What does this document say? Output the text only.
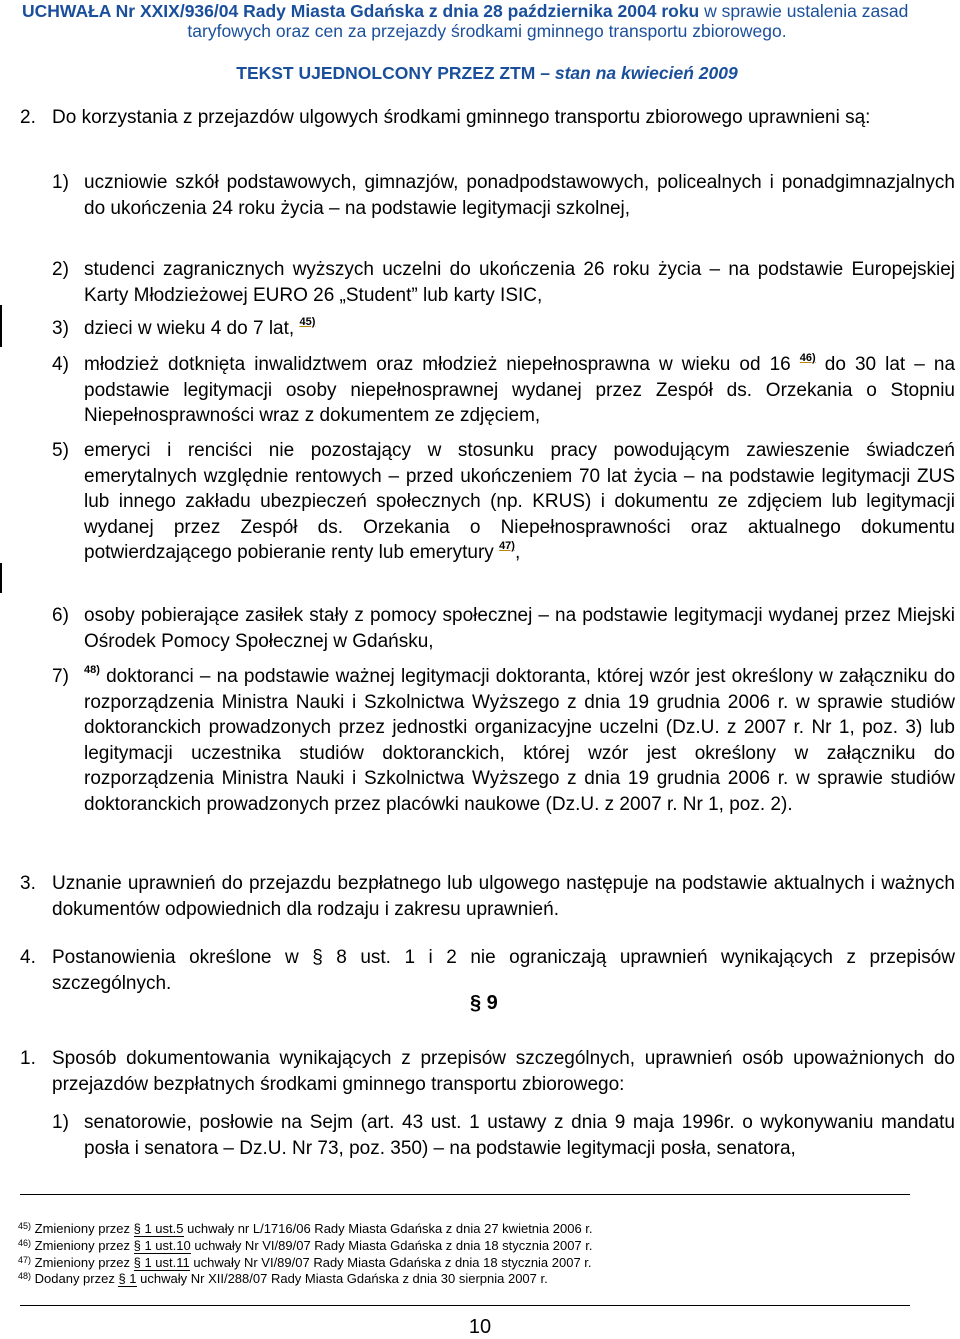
UCHWAŁA Nr XXIX/936/04 Rady Miasta Gdańska z dnia 28 października 2004 roku w sprawie ustalenia zasad
taryfowych oraz cen za przejazdy środkami gminnego transportu zbiorowego.
TEKST UJEDNOLCONY PRZEZ ZTM – stan na kwiecień 2009
2. Do korzystania z przejazdów ulgowych środkami gminnego transportu zbiorowego uprawnieni są:

1) uczniowie szkół podstawowych, gimnazjów, ponadpodstawowych, policealnych i ponadgimnazjalnych do ukończenia 24 roku życia – na podstawie legitymacji szkolnej,

2) studenci zagranicznych wyższych uczelni do ukończenia 26 roku życia – na podstawie Europejskiej Karty Młodzieżowej EURO 26 „Student” lub karty ISIC,

3) dzieci w wieku 4 do 7 lat, $^{45)}$

4) młodzież dotknięta inwalidztwem oraz młodzież niepełnosprawna w wieku od 16 $^{46)}$ do 30 lat – na podstawie legitymacji osoby niepełnosprawnej wydanej przez Zespół ds. Orzekania o Stopniu Niepełnosprawności wraz z dokumentem ze zdjęciem,

5) emeryci i renciści nie pozostający w stosunku pracy powodującym zawieszenie świadczeń emerytalnych względnie rentowych – przed ukończeniem 70 lat życia – na podstawie legitymacji ZUS lub innego zakładu ubezpieczeń społecznych (np. KRUS) i dokumentu ze zdjęciem lub legitymacji wydanej przez Zespół ds. Orzekania o Niepełnosprawności oraz aktualnego dokumentu potwierdzającego pobieranie renty lub emerytury $^{47)}$,

6) osoby pobierające zasiłek stały z pomocy społecznej – na podstawie legitymacji wydanej przez Miejski Ośrodek Pomocy Społecznej w Gdańsku,

7) $^{48)}$ doktoranci – na podstawie ważnej legitymacji doktoranta, której wzór jest określony w załączniku do rozporządzenia Ministra Nauki i Szkolnictwa Wyższego z dnia 19 grudnia 2006 r. w sprawie studiów doktoranckich prowadzonych przez jednostki organizacyjne uczelni (Dz.U. z 2007 r. Nr 1, poz. 3) lub legitymacji uczestnika studiów doktoranckich, której wzór jest określony w załączniku do rozporządzenia Ministra Nauki i Szkolnictwa Wyższego z dnia 19 grudnia 2006 r. w sprawie studiów doktoranckich prowadzonych przez placówki naukowe (Dz.U. z 2007 r. Nr 1, poz. 2).

3. Uznanie uprawnień do przejazdu bezpłatnego lub ulgowego następuje na podstawie aktualnych i ważnych dokumentów odpowiednich dla rodzaju i zakresu uprawnień.

4. Postanowienia określone w § 8 ust. 1 i 2 nie ograniczają uprawnień wynikających z przepisów szczególnych.

§ 9
1. Sposób dokumentowania wynikających z przepisów szczególnych, uprawnień osób upoważnionych do przejazdów bezpłatnych środkami gminnego transportu zbiorowego:

1) senatorowie, posłowie na Sejm (art. 43 ust. 1 ustawy z dnia 9 maja 1996r. o wykonywaniu mandatu posła i senatora – Dz.U. Nr 73, poz. 350) – na podstawie legitymacji posła, senatora,

$^{45)}$ Zmieniony przez § 1 ust.5 uchwały nr L/1716/06 Rady Miasta Gdańska z dnia 27 kwietnia 2006 r.
$^{46)}$ Zmieniony przez § 1 ust.10 uchwały Nr VI/89/07 Rady Miasta Gdańska z dnia 18 stycznia 2007 r.
$^{47)}$ Zmieniony przez § 1 ust.11 uchwały Nr VI/89/07 Rady Miasta Gdańska z dnia 18 stycznia 2007 r.
$^{48)}$ Dodany przez § 1 uchwały Nr XII/288/07 Rady Miasta Gdańska z dnia 30 sierpnia 2007 r.
10
